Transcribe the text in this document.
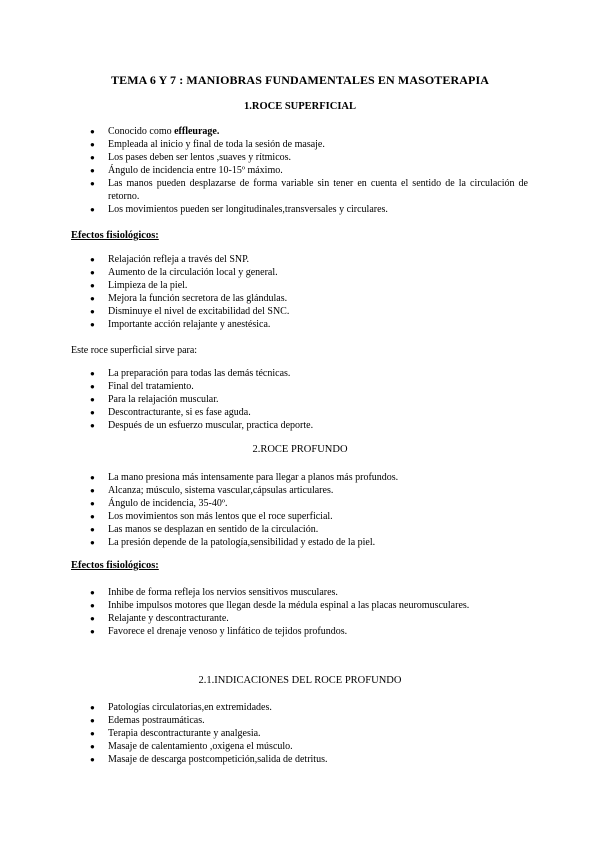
TEMA 6 Y 7 : MANIOBRAS FUNDAMENTALES EN MASOTERAPIA
1.ROCE SUPERFICIAL
● Conocido como effleurage.
● Empleada al inicio y final de toda la sesión de masaje.
● Los pases deben ser lentos ,suaves y rítmicos.
● Ángulo de incidencia entre 10-15º máximo.
● Las manos pueden desplazarse de forma variable sin tener en cuenta el sentido de la circulación de retorno.
● Los movimientos pueden ser longitudinales,transversales y circulares.
Efectos fisiológicos:
● Relajación refleja a través del SNP.
● Aumento de la circulación local y general.
● Limpieza de la piel.
● Mejora la función secretora de las glándulas.
● Disminuye el nivel de excitabilidad del SNC.
● Importante acción relajante y anestésica.
Este roce superficial sirve para:
● La preparación para todas las demás técnicas.
● Final del tratamiento.
● Para la relajación muscular.
● Descontracturante, si es fase aguda.
● Después de un esfuerzo muscular, practica deporte.
2.ROCE PROFUNDO
● La mano presiona más intensamente para llegar a planos más profundos.
● Alcanza; músculo, sistema vascular,cápsulas articulares.
● Ángulo de incidencia, 35-40º.
● Los movimientos son más lentos que el roce superficial.
● Las manos se desplazan en sentido de la circulación.
● La presión depende de la patología,sensibilidad y estado de la piel.
Efectos fisiológicos:
● Inhibe de forma refleja los nervios sensitivos musculares.
● Inhibe impulsos motores que llegan desde la médula espinal a las placas neuromusculares.
● Relajante y descontracturante.
● Favorece el drenaje venoso y linfático de tejidos profundos.
2.1.INDICACIONES DEL ROCE PROFUNDO
● Patologías circulatorias,en extremidades.
● Edemas postraumáticas.
● Terapia descontracturante y analgesia.
● Masaje de calentamiento ,oxigena el músculo.
● Masaje de descarga postcompetición,salida de detritus.
